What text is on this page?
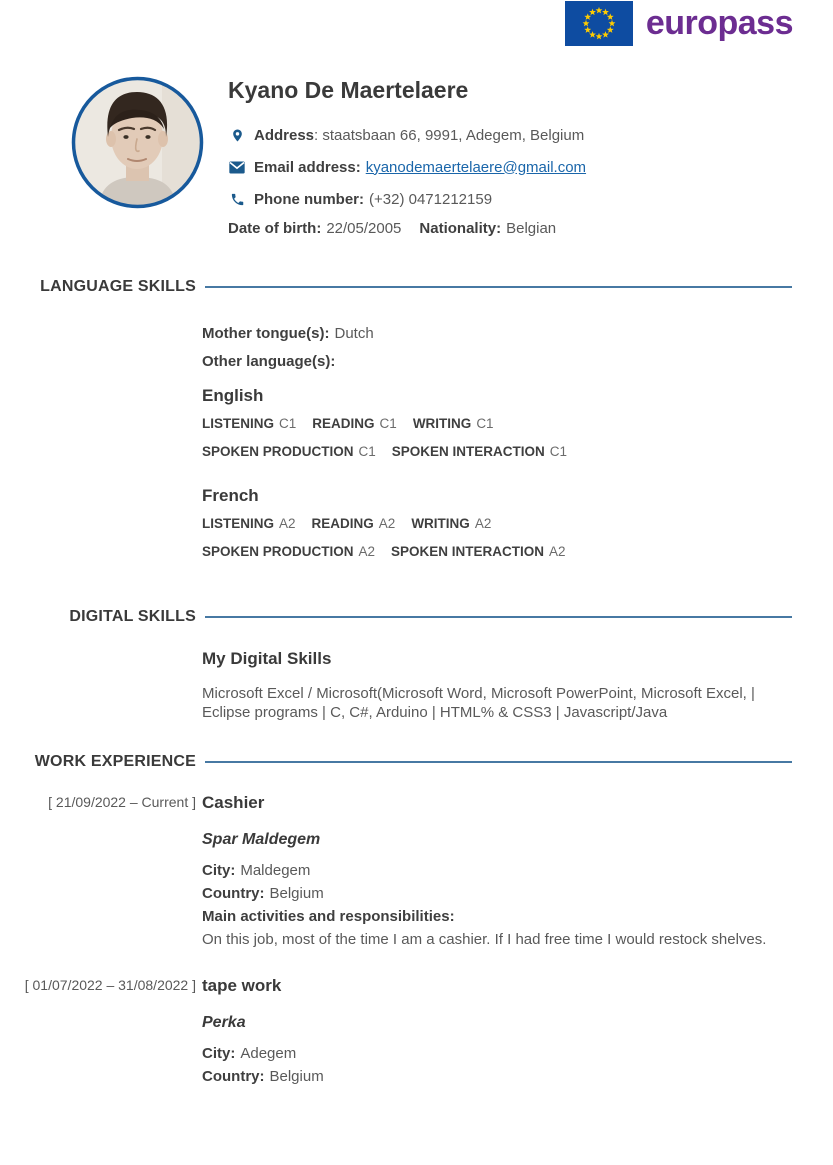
europass
Kyano De Maertelaere
Address: staatsbaan 66, 9991, Adegem, Belgium
Email address: kyanodemaertelaere@gmail.com
Phone number: (+32) 0471212159
Date of birth: 22/05/2005 Nationality: Belgian
LANGUAGE SKILLS
Mother tongue(s): Dutch
Other language(s):
English
LISTENING C1 READING C1 WRITING C1
SPOKEN PRODUCTION C1 SPOKEN INTERACTION C1
French
LISTENING A2 READING A2 WRITING A2
SPOKEN PRODUCTION A2 SPOKEN INTERACTION A2
DIGITAL SKILLS
My Digital Skills
Microsoft Excel / Microsoft(Microsoft Word, Microsoft PowerPoint, Microsoft Excel, | Eclipse programs | C, C#, Arduino | HTML% & CSS3 | Javascript/Java
WORK EXPERIENCE
[ 21/09/2022 – Current ] Cashier
Spar Maldegem
City: Maldegem
Country: Belgium
Main activities and responsibilities:
On this job, most of the time I am a cashier. If I had free time I would restock shelves.
[ 01/07/2022 – 31/08/2022 ] tape work
Perka
City: Adegem
Country: Belgium
